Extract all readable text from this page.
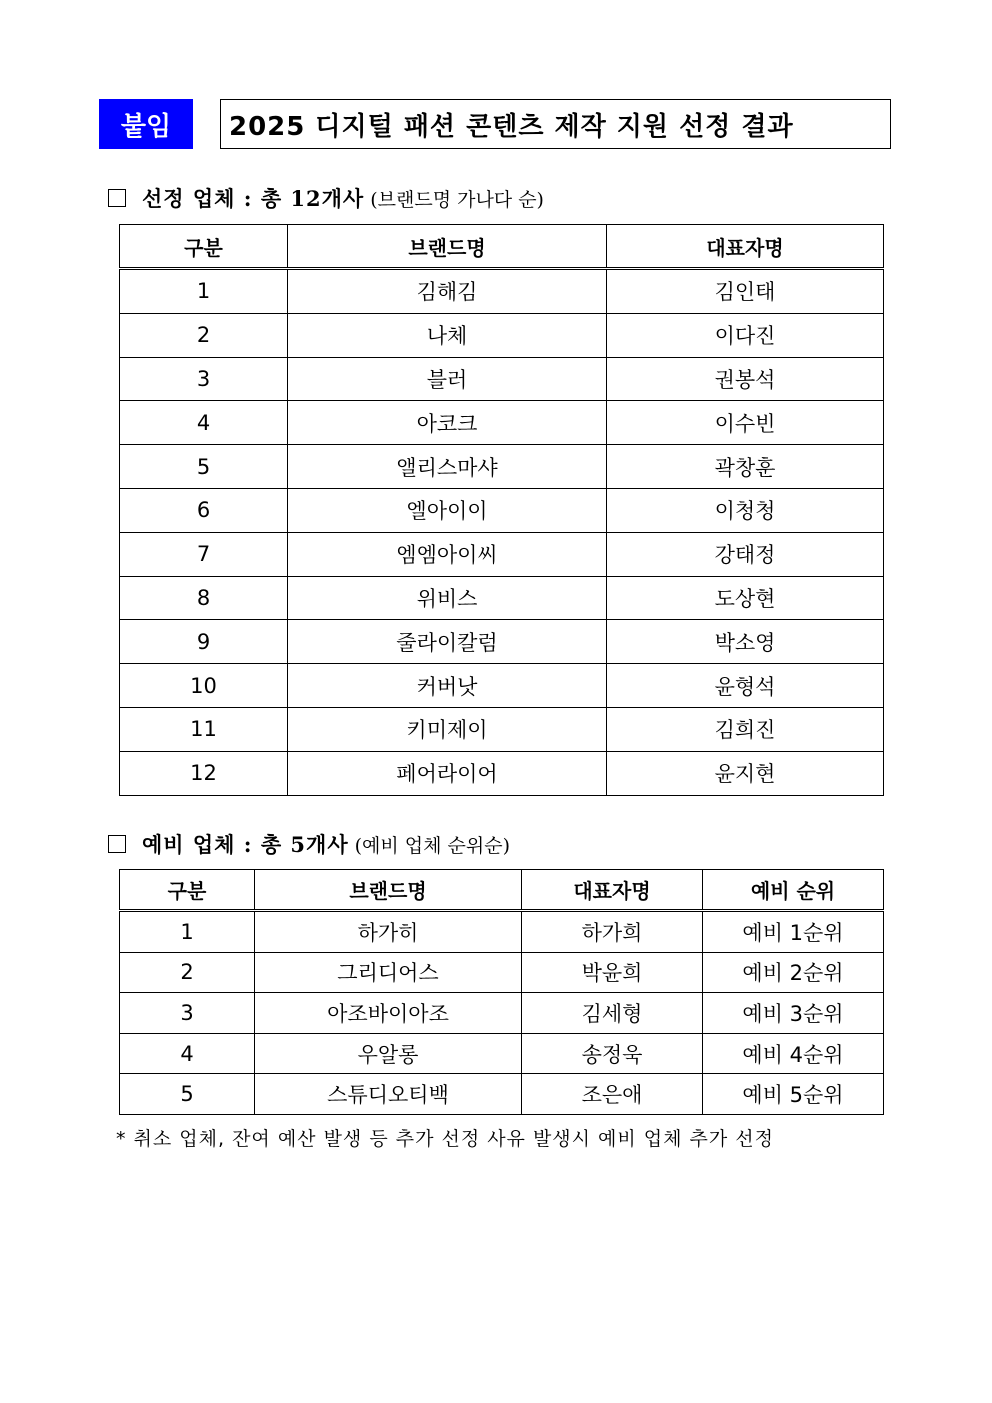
붙임	2025 디지털 패션 콘텐츠 제작 지원 선정 결과
선정 업체 : 총 12개사 (브랜드명 가나다 순)
구분	브랜드명	대표자명
1	김해김	김인태
2	나체	이다진
3	블러	권봉석
4	아코크	이수빈
5	앨리스마샤	곽창훈
6	엘아이이	이청청
7	엠엠아이씨	강태정
8	위비스	도상현
9	줄라이칼럼	박소영
10	커버낫	윤형석
11	키미제이	김희진
12	페어라이어	윤지현
예비 업체 : 총 5개사 (예비 업체 순위순)
구분	브랜드명	대표자명	예비 순위
1	하가히	하가희	예비 1순위
2	그리디어스	박윤희	예비 2순위
3	아조바이아조	김세형	예비 3순위
4	우알롱	송정욱	예비 4순위
5	스튜디오티백	조은애	예비 5순위
* 취소 업체, 잔여 예산 발생 등 추가 선정 사유 발생시 예비 업체 추가 선정
